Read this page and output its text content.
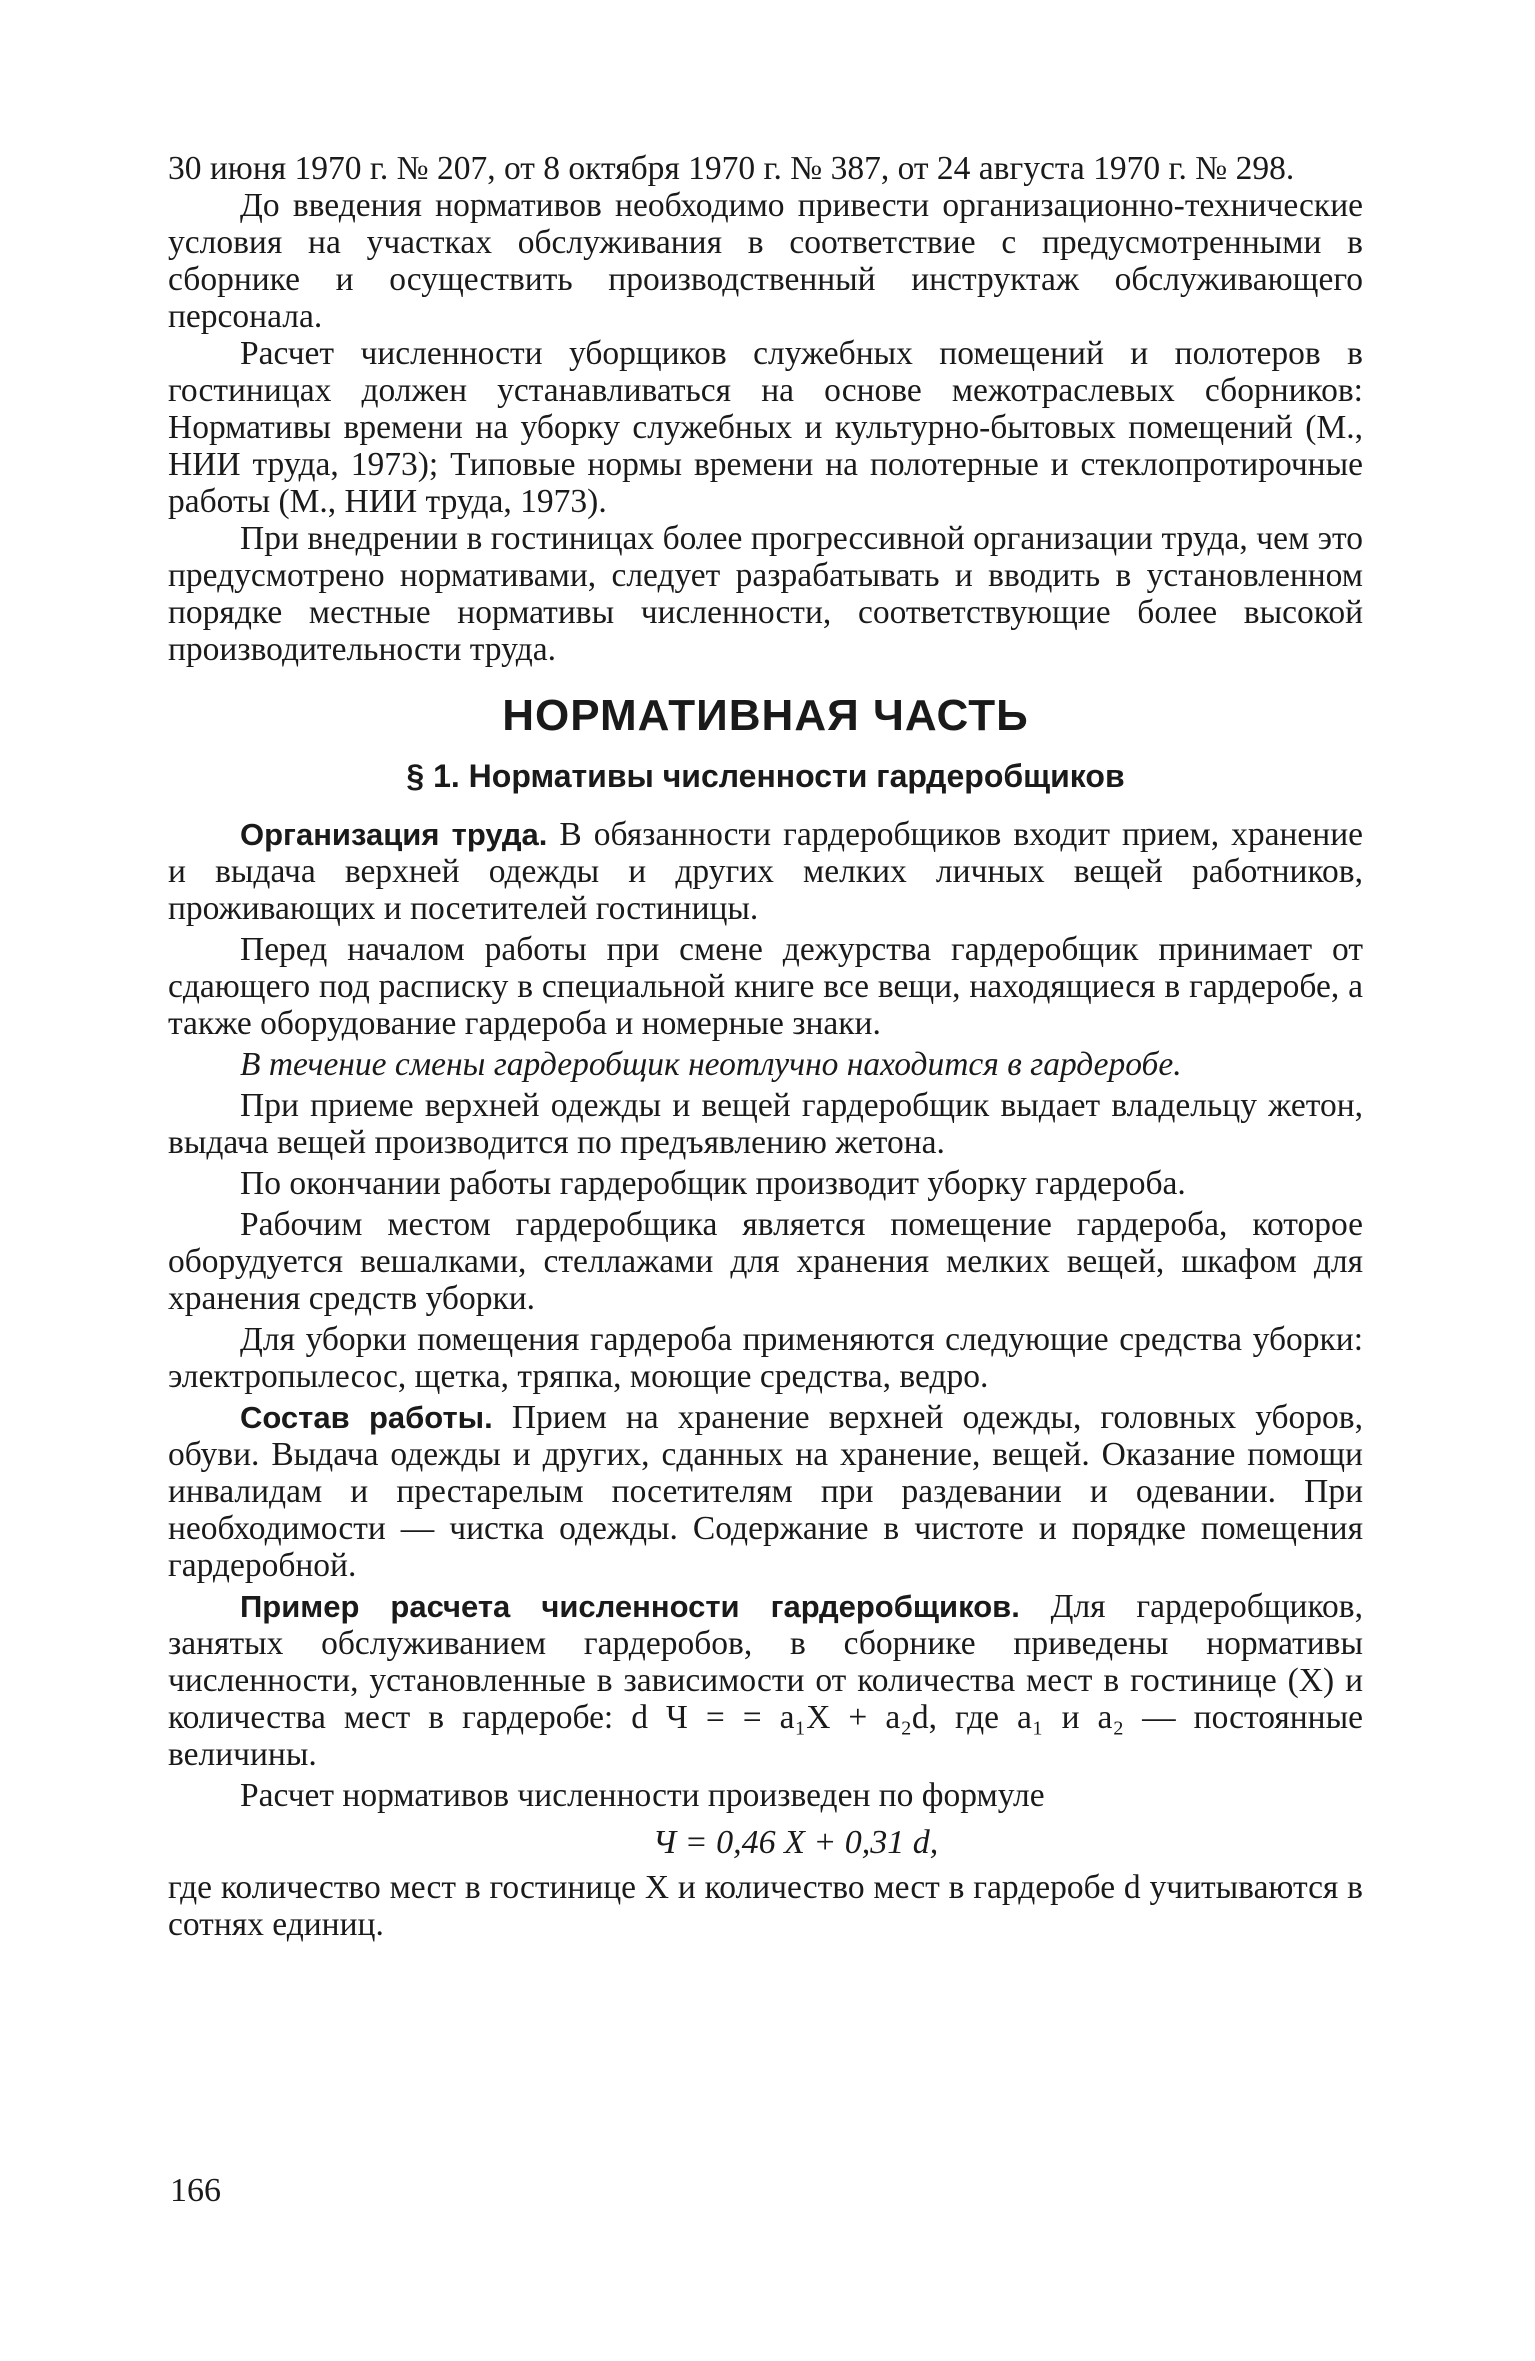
30 июня 1970 г. № 207, от 8 октября 1970 г. № 387, от 24 августа 1970 г. № 298.

До введения нормативов необходимо привести организационно-технические условия на участках обслуживания в соответствие с предусмотренными в сборнике и осуществить производственный инструктаж обслуживающего персонала.

Расчет численности уборщиков служебных помещений и полотеров в гостиницах должен устанавливаться на основе межотраслевых сборников: Нормативы времени на уборку служебных и культурно-бытовых помещений (М., НИИ труда, 1973); Типовые нормы времени на полотерные и стеклопротирочные работы (М., НИИ труда, 1973).

При внедрении в гостиницах более прогрессивной организации труда, чем это предусмотрено нормативами, следует разрабатывать и вводить в установленном порядке местные нормативы численности, соответствующие более высокой производительности труда.

НОРМАТИВНАЯ ЧАСТЬ
§ 1. Нормативы численности гардеробщиков

Организация труда. В обязанности гардеробщиков входит прием, хранение и выдача верхней одежды и других мелких личных вещей работников, проживающих и посетителей гостиницы.

Перед началом работы при смене дежурства гардеробщик принимает от сдающего под расписку в специальной книге все вещи, находящиеся в гардеробе, а также оборудование гардероба и номерные знаки.

В течение смены гардеробщик неотлучно находится в гардеробе.

При приеме верхней одежды и вещей гардеробщик выдает владельцу жетон, выдача вещей производится по предъявлению жетона.

По окончании работы гардеробщик производит уборку гардероба.

Рабочим местом гардеробщика является помещение гардероба, которое оборудуется вешалками, стеллажами для хранения мелких вещей, шкафом для хранения средств уборки.

Для уборки помещения гардероба применяются следующие средства уборки: электропылесос, щетка, тряпка, моющие средства, ведро.

Состав работы. Прием на хранение верхней одежды, головных уборов, обуви. Выдача одежды и других, сданных на хранение, вещей. Оказание помощи инвалидам и престарелым посетителям при раздевании и одевании. При необходимости — чистка одежды. Содержание в чистоте и порядке помещения гардеробной.

Пример расчета численности гардеробщиков. Для гардеробщиков, занятых обслуживанием гардеробов, в сборнике приведены нормативы численности, установленные в зависимости от количества мест в гостинице (X) и количества мест в гардеробе: d Ч = = a₁X + a₂d, где a₁ и a₂ — постоянные величины.

Расчет нормативов численности произведен по формуле

Ч = 0,46 X + 0,31 d,

где количество мест в гостинице X и количество мест в гардеробе d учитываются в сотнях единиц.

166
